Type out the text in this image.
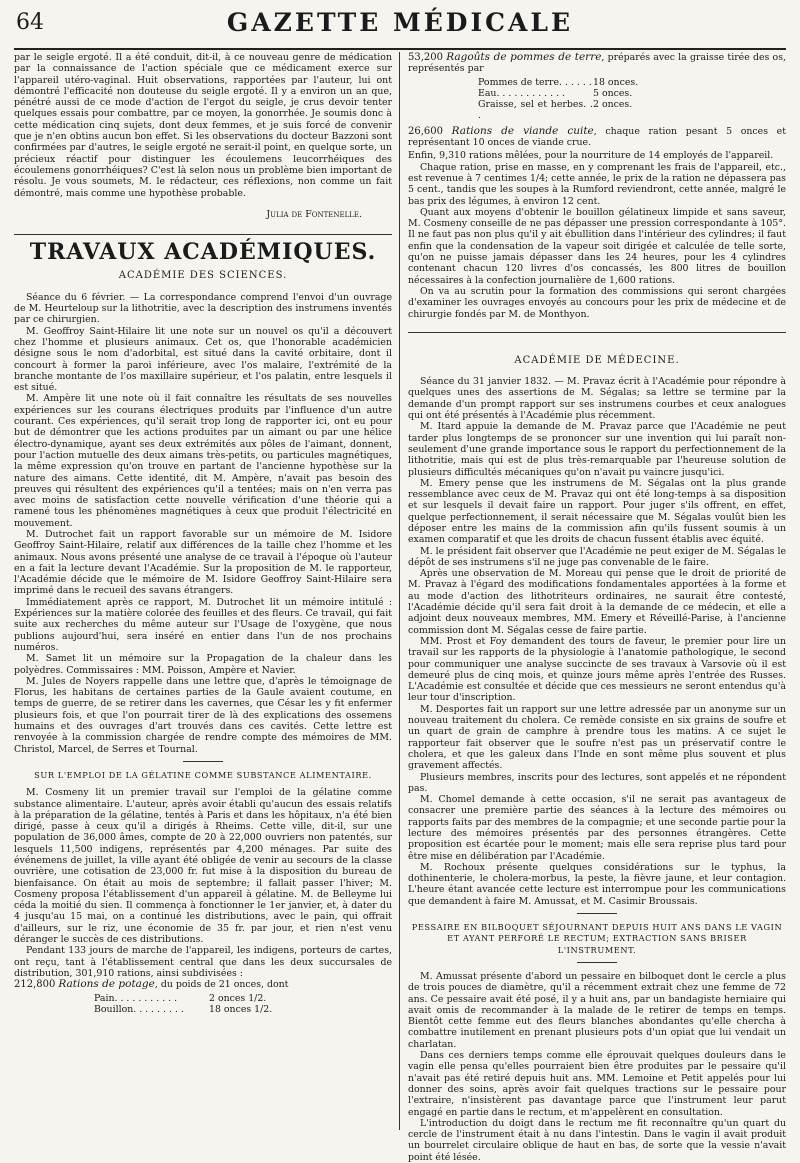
64	GAZETTE MÉDICALE

par le seigle ergoté. Il a été conduit, dit-il, à ce nouveau genre de médication par la connaissance de l'action spéciale que ce médicament exerce sur l'appareil utéro-vaginal. Huit observations, rapportées par l'auteur, lui ont démontré l'efficacité non douteuse du seigle ergoté. Il y a environ un an que, pénétré aussi de ce mode d'action de l'ergot du seigle, je crus devoir tenter quelques essais pour combattre, par ce moyen, la gonorrhée. Je soumis donc à cette médication cinq sujets, dont deux femmes, et je suis forcé de convenir que je n'en obtins aucun bon effet. Si les observations du docteur Bazzoni sont confirmées par d'autres, le seigle ergoté ne serait-il point, en quelque sorte, un précieux réactif pour distinguer les écoulemens leucorrhéiques des écoulemens gonorrhéiques? C'est là selon nous un problème bien important de résolu. Je vous soumets, M. le rédacteur, ces réflexions, non comme un fait démontré, mais comme une hypothèse probable.

Julia de Fontenelle.
TRAVAUX ACADÉMIQUES.
ACADÉMIE DES SCIENCES.

Séance du 6 février. — La correspondance comprend l'envoi d'un ouvrage de M. Heurteloup sur la lithotritie, avec la description des instrumens inventés par ce chirurgien.

M. Geoffroy Saint-Hilaire lit une note sur un nouvel os qu'il a découvert chez l'homme et plusieurs animaux. Cet os, que l'honorable académicien désigne sous le nom d'adorbital, est situé dans la cavité orbitaire, dont il concourt à former la paroi inférieure, avec l'os malaire, l'extrémité de la branche montante de l'os maxillaire supérieur, et l'os palatin, entre lesquels il est situé.

M. Ampère lit une note où il fait connaître les résultats de ses nouvelles expériences sur les courans électriques produits par l'influence d'un autre courant. Ces expériences, qu'il serait trop long de rapporter ici, ont eu pour but de démontrer que les actions produites par un aimant ou par une hélice électro-dynamique, ayant ses deux extrémités aux pôles de l'aimant, donnent, pour l'action mutuelle des deux aimans très-petits, ou particules magnétiques, la même expression qu'on trouve en partant de l'ancienne hypothèse sur la nature des aimans. Cette identité, dit M. Ampère, n'avait pas besoin des preuves qui résultent des expériences qu'il a tentées; mais on n'en verra pas avec moins de satisfaction cette nouvelle vérification d'une théorie qui a ramené tous les phénomènes magnétiques à ceux que produit l'électricité en mouvement.

M. Dutrochet fait un rapport favorable sur un mémoire de M. Isidore Geoffroy Saint-Hilaire, relatif aux différences de la taille chez l'homme et les animaux. Nous avons présenté une analyse de ce travail à l'époque où l'auteur en a fait la lecture devant l'Académie. Sur la proposition de M. le rapporteur, l'Académie décide que le mémoire de M. Isidore Geoffroy Saint-Hilaire sera imprimé dans le recueil des savans étrangers.

Immédiatement après ce rapport, M. Dutrochet lit un mémoire intitulé : Expériences sur la matière colorée des feuilles et des fleurs. Ce travail, qui fait suite aux recherches du même auteur sur l'Usage de l'oxygène, que nous publions aujourd'hui, sera inséré en entier dans l'un de nos prochains numéros.

M. Samet lit un mémoire sur la Propagation de la chaleur dans les polyèdres. Commissaires : MM. Poisson, Ampère et Navier.

M. Jules de Noyers rappelle dans une lettre que, d'après le témoignage de Florus, les habitans de certaines parties de la Gaule avaient coutume, en temps de guerre, de se retirer dans les cavernes, que César les y fit enfermer plusieurs fois, et que l'on pourrait tirer de là des explications des ossemens humains et des ouvrages d'art trouvés dans ces cavités. Cette lettre est renvoyée à la commission chargée de rendre compte des mémoires de MM. Christol, Marcel, de Serres et Tournal.

SUR L'EMPLOI DE LA GÉLATINE COMME SUBSTANCE ALIMENTAIRE.

M. Cosmeny lit un premier travail sur l'emploi de la gélatine comme substance alimentaire. L'auteur, après avoir établi qu'aucun des essais relatifs à la préparation de la gélatine, tentés à Paris et dans les hôpitaux, n'a été bien dirigé, passe à ceux qu'il a dirigés à Rheims. Cette ville, dit-il, sur une population de 36,000 âmes, compte de 20 à 22,000 ouvriers non patentés, sur lesquels 11,500 indigens, représentés par 4,200 ménages. Par suite des événemens de juillet, la ville ayant été obligée de venir au secours de la classe ouvrière, une cotisation de 23,000 fr. fut mise à la disposition du bureau de bienfaisance. On était au mois de septembre; il fallait passer l'hiver; M. Cosmeny proposa l'établissement d'un appareil à gélatine. M. de Belleyme lui céda la moitié du sien. Il commença à fonctionner le 1er janvier, et, à dater du 4 jusqu'au 15 mai, on a continué les distributions, avec le pain, qui offrait d'ailleurs, sur le riz, une économie de 35 fr. par jour, et rien n'est venu déranger le succès de ces distributions.

Pendant 133 jours de marche de l'appareil, les indigens, porteurs de cartes, ont reçu, tant à l'établissement central que dans les deux succursales de distribution, 301,910 rations, ainsi subdivisées :

212,800 Rations de potage, du poids de 21 onces, dont
Pain. . . . . . . . . . .	2 onces 1/2.
Bouillon. . . . . . . . .	18 onces 1/2.
53,200 Ragoûts de pommes de terre, préparés avec la graisse tirée des os, représentés par
Pommes de terre. . . . . . 18 onces.
Eau. . . . . . . . . . . .	5 onces.
Graisse, sel et herbes. . .
2 onces.
26,600 Rations de viande cuite, chaque ration pesant 5 onces et représentant 10 onces de viande crue.

Enfin, 9,310 rations mêlées, pour la nourriture de 14 employés de l'appareil.

Chaque ration, prise en masse, en y comprenant les frais de l'appareil, etc., est revenue à 7 centimes 1/4; cette année, le prix de la ration ne dépassera pas 5 cent., tandis que les soupes à la Rumford reviendront, cette année, malgré le bas prix des légumes, à environ 12 cent.

Quant aux moyens d'obtenir le bouillon gélatineux limpide et sans saveur, M. Cosmeny conseille de ne pas dépasser une pression correspondante à 105°. Il ne faut pas non plus qu'il y ait ébullition dans l'intérieur des cylindres; il faut enfin que la condensation de la vapeur soit dirigée et calculée de telle sorte, qu'on ne puisse jamais dépasser dans les 24 heures, pour les 4 cylindres contenant chacun 120 livres d'os concassés, les 800 litres de bouillon nécessaires à la confection journalière de 1,600 rations.

On va au scrutin pour la formation des commissions qui seront chargées d'examiner les ouvrages envoyés au concours pour les prix de médecine et de chirurgie fondés par M. de Monthyon.

ACADÉMIE DE MÉDECINE.

Séance du 31 janvier 1832. — M. Pravaz écrit à l'Académie pour répondre à quelques unes des assertions de M. Ségalas; sa lettre se termine par la demande d'un prompt rapport sur ses instrumens courbes et ceux analogues qui ont été présentés à l'Académie plus récemment.

M. Itard appuie la demande de M. Pravaz parce que l'Académie ne peut tarder plus longtemps de se prononcer sur une invention qui lui paraît non-seulement d'une grande importance sous le rapport du perfectionnement de la lithotritie, mais qui est de plus très-remarquable par l'heureuse solution de plusieurs difficultés mécaniques qu'on n'avait pu vaincre jusqu'ici.

M. Emery pense que les instrumens de M. Ségalas ont la plus grande ressemblance avec ceux de M. Pravaz qui ont été long-temps à sa disposition et sur lesquels il devait faire un rapport. Pour juger s'ils offrent, en effet, quelque perfectionnement, il serait nécessaire que M. Ségalas voulût bien les déposer entre les mains de la commission afin qu'ils fussent soumis à un examen comparatif et que les droits de chacun fussent établis avec équité.

M. le président fait observer que l'Académie ne peut exiger de M. Ségalas le dépôt de ses instrumens s'il ne juge pas convenable de le faire.

Après une observation de M. Moreau qui pense que le droit de priorité de M. Pravaz à l'égard des modifications fondamentales apportées à la forme et au mode d'action des lithotriteurs ordinaires, ne saurait être contesté, l'Académie décide qu'il sera fait droit à la demande de ce médecin, et elle a adjoint deux nouveaux membres, MM. Emery et Réveillé-Parise, à l'ancienne commission dont M. Ségalas cesse de faire partie.

MM. Prost et Foy demandent des tours de faveur, le premier pour lire un travail sur les rapports de la physiologie à l'anatomie pathologique, le second pour communiquer une analyse succincte de ses travaux à Varsovie où il est demeuré plus de cinq mois, et quinze jours même après l'entrée des Russes. L'Académie est consultée et décide que ces messieurs ne seront entendus qu'à leur tour d'inscription.

M. Desportes fait un rapport sur une lettre adressée par un anonyme sur un nouveau traitement du cholera. Ce remède consiste en six grains de soufre et un quart de grain de camphre à prendre tous les matins. A ce sujet le rapporteur fait observer que le soufre n'est pas un préservatif contre le cholera, et que les galeux dans l'Inde en sont même plus souvent et plus gravement affectés.

Plusieurs membres, inscrits pour des lectures, sont appelés et ne répondent pas.

M. Chomel demande à cette occasion, s'il ne serait pas avantageux de consacrer une première partie des séances à la lecture des mémoires ou rapports faits par des membres de la compagnie; et une seconde partie pour la lecture des mémoires présentés par des personnes étrangères. Cette proposition est écartée pour le moment; mais elle sera reprise plus tard pour être mise en délibération par l'Académie.

M. Rochoux présente quelques considérations sur le typhus, la dothinenterie, le cholera-morbus, la peste, la fièvre jaune, et leur contagion. L'heure étant avancée cette lecture est interrompue pour les communications que demandent à faire M. Amussat, et M. Casimir Broussais.

PESSAIRE EN BILBOQUET SÉJOURNANT DEPUIS HUIT ANS DANS LE VAGIN ET AYANT PERFORÉ LE RECTUM; EXTRACTION SANS BRISER L'INSTRUMENT.

M. Amussat présente d'abord un pessaire en bilboquet dont le cercle a plus de trois pouces de diamètre, qu'il a récemment extrait chez une femme de 72 ans. Ce pessaire avait été posé, il y a huit ans, par un bandagiste herniaire qui avait omis de recommander à la malade de le retirer de temps en temps. Bientôt cette femme eut des fleurs blanches abondantes qu'elle chercha à combattre inutilement en prenant plusieurs pots d'un opiat que lui vendait un charlatan.

Dans ces derniers temps comme elle éprouvait quelques douleurs dans le vagin elle pensa qu'elles pourraient bien être produites par le pessaire qu'il n'avait pas été retiré depuis huit ans. MM. Lemoine et Petit appelés pour lui donner des soins, après avoir fait quelques tractions sur le pessaire pour l'extraire, n'insistèrent pas davantage parce que l'instrument leur parut engagé en partie dans le rectum, et m'appelèrent en consultation.

L'introduction du doigt dans le rectum me fit reconnaître qu'un quart du cercle de l'instrument était à nu dans l'intestin. Dans le vagin il avait produit un bourrelet circulaire oblique de haut en bas, de sorte que la vessie n'avait point été lésée.
